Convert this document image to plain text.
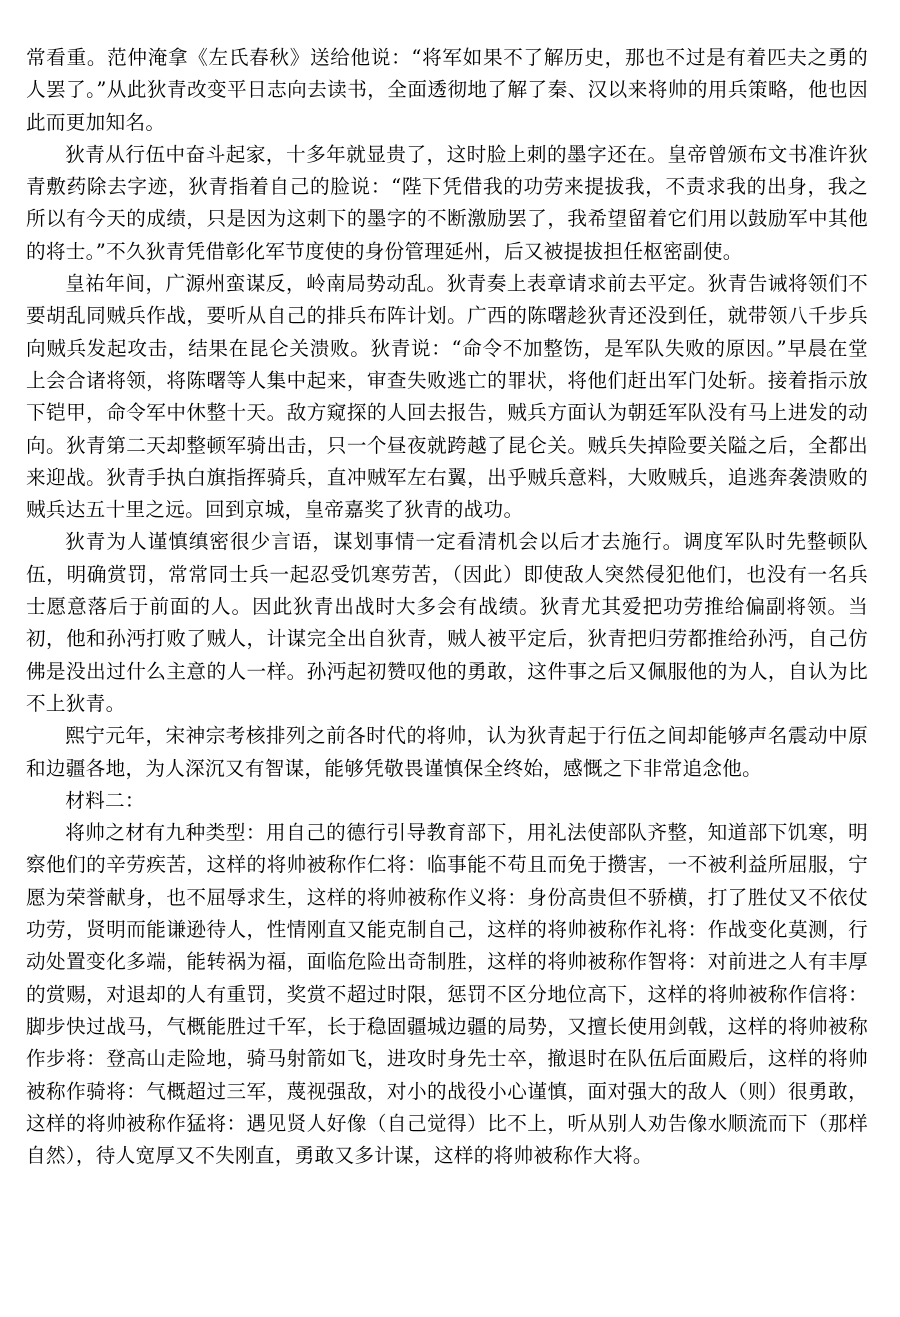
常看重。范仲淹拿《左氏春秋》送给他说：“将军如果不了解历史，那也不过是有着匹夫之勇的人罢了。”从此狄青改变平日志向去读书，全面透彻地了解了秦、汉以来将帅的用兵策略，他也因此而更加知名。

狄青从行伍中奋斗起家，十多年就显贵了，这时脸上刺的墨字还在。皇帝曾颁布文书准许狄青敷药除去字迹，狄青指着自己的脸说：“陛下凭借我的功劳来提拔我，不责求我的出身，我之所以有今天的成绩，只是因为这刺下的墨字的不断激励罢了，我希望留着它们用以鼓励军中其他的将士。”不久狄青凭借彰化军节度使的身份管理延州，后又被提拔担任枢密副使。

皇祐年间，广源州蛮谋反，岭南局势动乱。狄青奏上表章请求前去平定。狄青告诫将领们不要胡乱同贼兵作战，要听从自己的排兵布阵计划。广西的陈曙趁狄青还没到任，就带领八千步兵向贼兵发起攻击，结果在昆仑关溃败。狄青说：“命令不加整饬，是军队失败的原因。”早晨在堂上会合诸将领，将陈曙等人集中起来，审查失败逃亡的罪状，将他们赶出军门处斩。接着指示放下铠甲，命令军中休整十天。敌方窥探的人回去报告，贼兵方面认为朝廷军队没有马上进发的动向。狄青第二天却整顿军骑出击，只一个昼夜就跨越了昆仑关。贼兵失掉险要关隘之后，全都出来迎战。狄青手执白旗指挥骑兵，直冲贼军左右翼，出乎贼兵意料，大败贼兵，追逃奔袭溃败的贼兵达五十里之远。回到京城，皇帝嘉奖了狄青的战功。

狄青为人谨慎缜密很少言语，谋划事情一定看清机会以后才去施行。调度军队时先整顿队伍，明确赏罚，常常同士兵一起忍受饥寒劳苦，（因此）即使敌人突然侵犯他们，也没有一名兵士愿意落后于前面的人。因此狄青出战时大多会有战绩。狄青尤其爱把功劳推给偏副将领。当初，他和孙沔打败了贼人，计谋完全出自狄青，贼人被平定后，狄青把归劳都推给孙沔，自己仿佛是没出过什么主意的人一样。孙沔起初赞叹他的勇敢，这件事之后又佩服他的为人，自认为比不上狄青。

熙宁元年，宋神宗考核排列之前各时代的将帅，认为狄青起于行伍之间却能够声名震动中原和边疆各地，为人深沉又有智谋，能够凭敬畏谨慎保全终始，感慨之下非常追念他。

材料二：

将帅之材有九种类型：用自己的德行引导教育部下，用礼法使部队齐整，知道部下饥寒，明察他们的辛劳疾苦，这样的将帅被称作仁将：临事能不苟且而免于攒害，一不被利益所屈服，宁愿为荣誉献身，也不屈辱求生，这样的将帅被称作义将：身份高贵但不骄横，打了胜仗又不依仗功劳，贤明而能谦逊待人，性情刚直又能克制自己，这样的将帅被称作礼将：作战变化莫测，行动处置变化多端，能转祸为福，面临危险出奇制胜，这样的将帅被称作智将：对前进之人有丰厚的赏赐，对退却的人有重罚，奖赏不超过时限，惩罚不区分地位高下，这样的将帅被称作信将：脚步快过战马，气概能胜过千军，长于稳固疆城边疆的局势，又擅长使用剑戟，这样的将帅被称作步将：登高山走险地，骑马射箭如飞，进攻时身先士卒，撤退时在队伍后面殿后，这样的将帅被称作骑将：气概超过三军，蔑视强敌，对小的战役小心谨慎，面对强大的敌人（则）很勇敢，这样的将帅被称作猛将：遇见贤人好像（自己觉得）比不上，听从别人劝告像水顺流而下（那样自然），待人宽厚又不失刚直，勇敢又多计谋，这样的将帅被称作大将。
